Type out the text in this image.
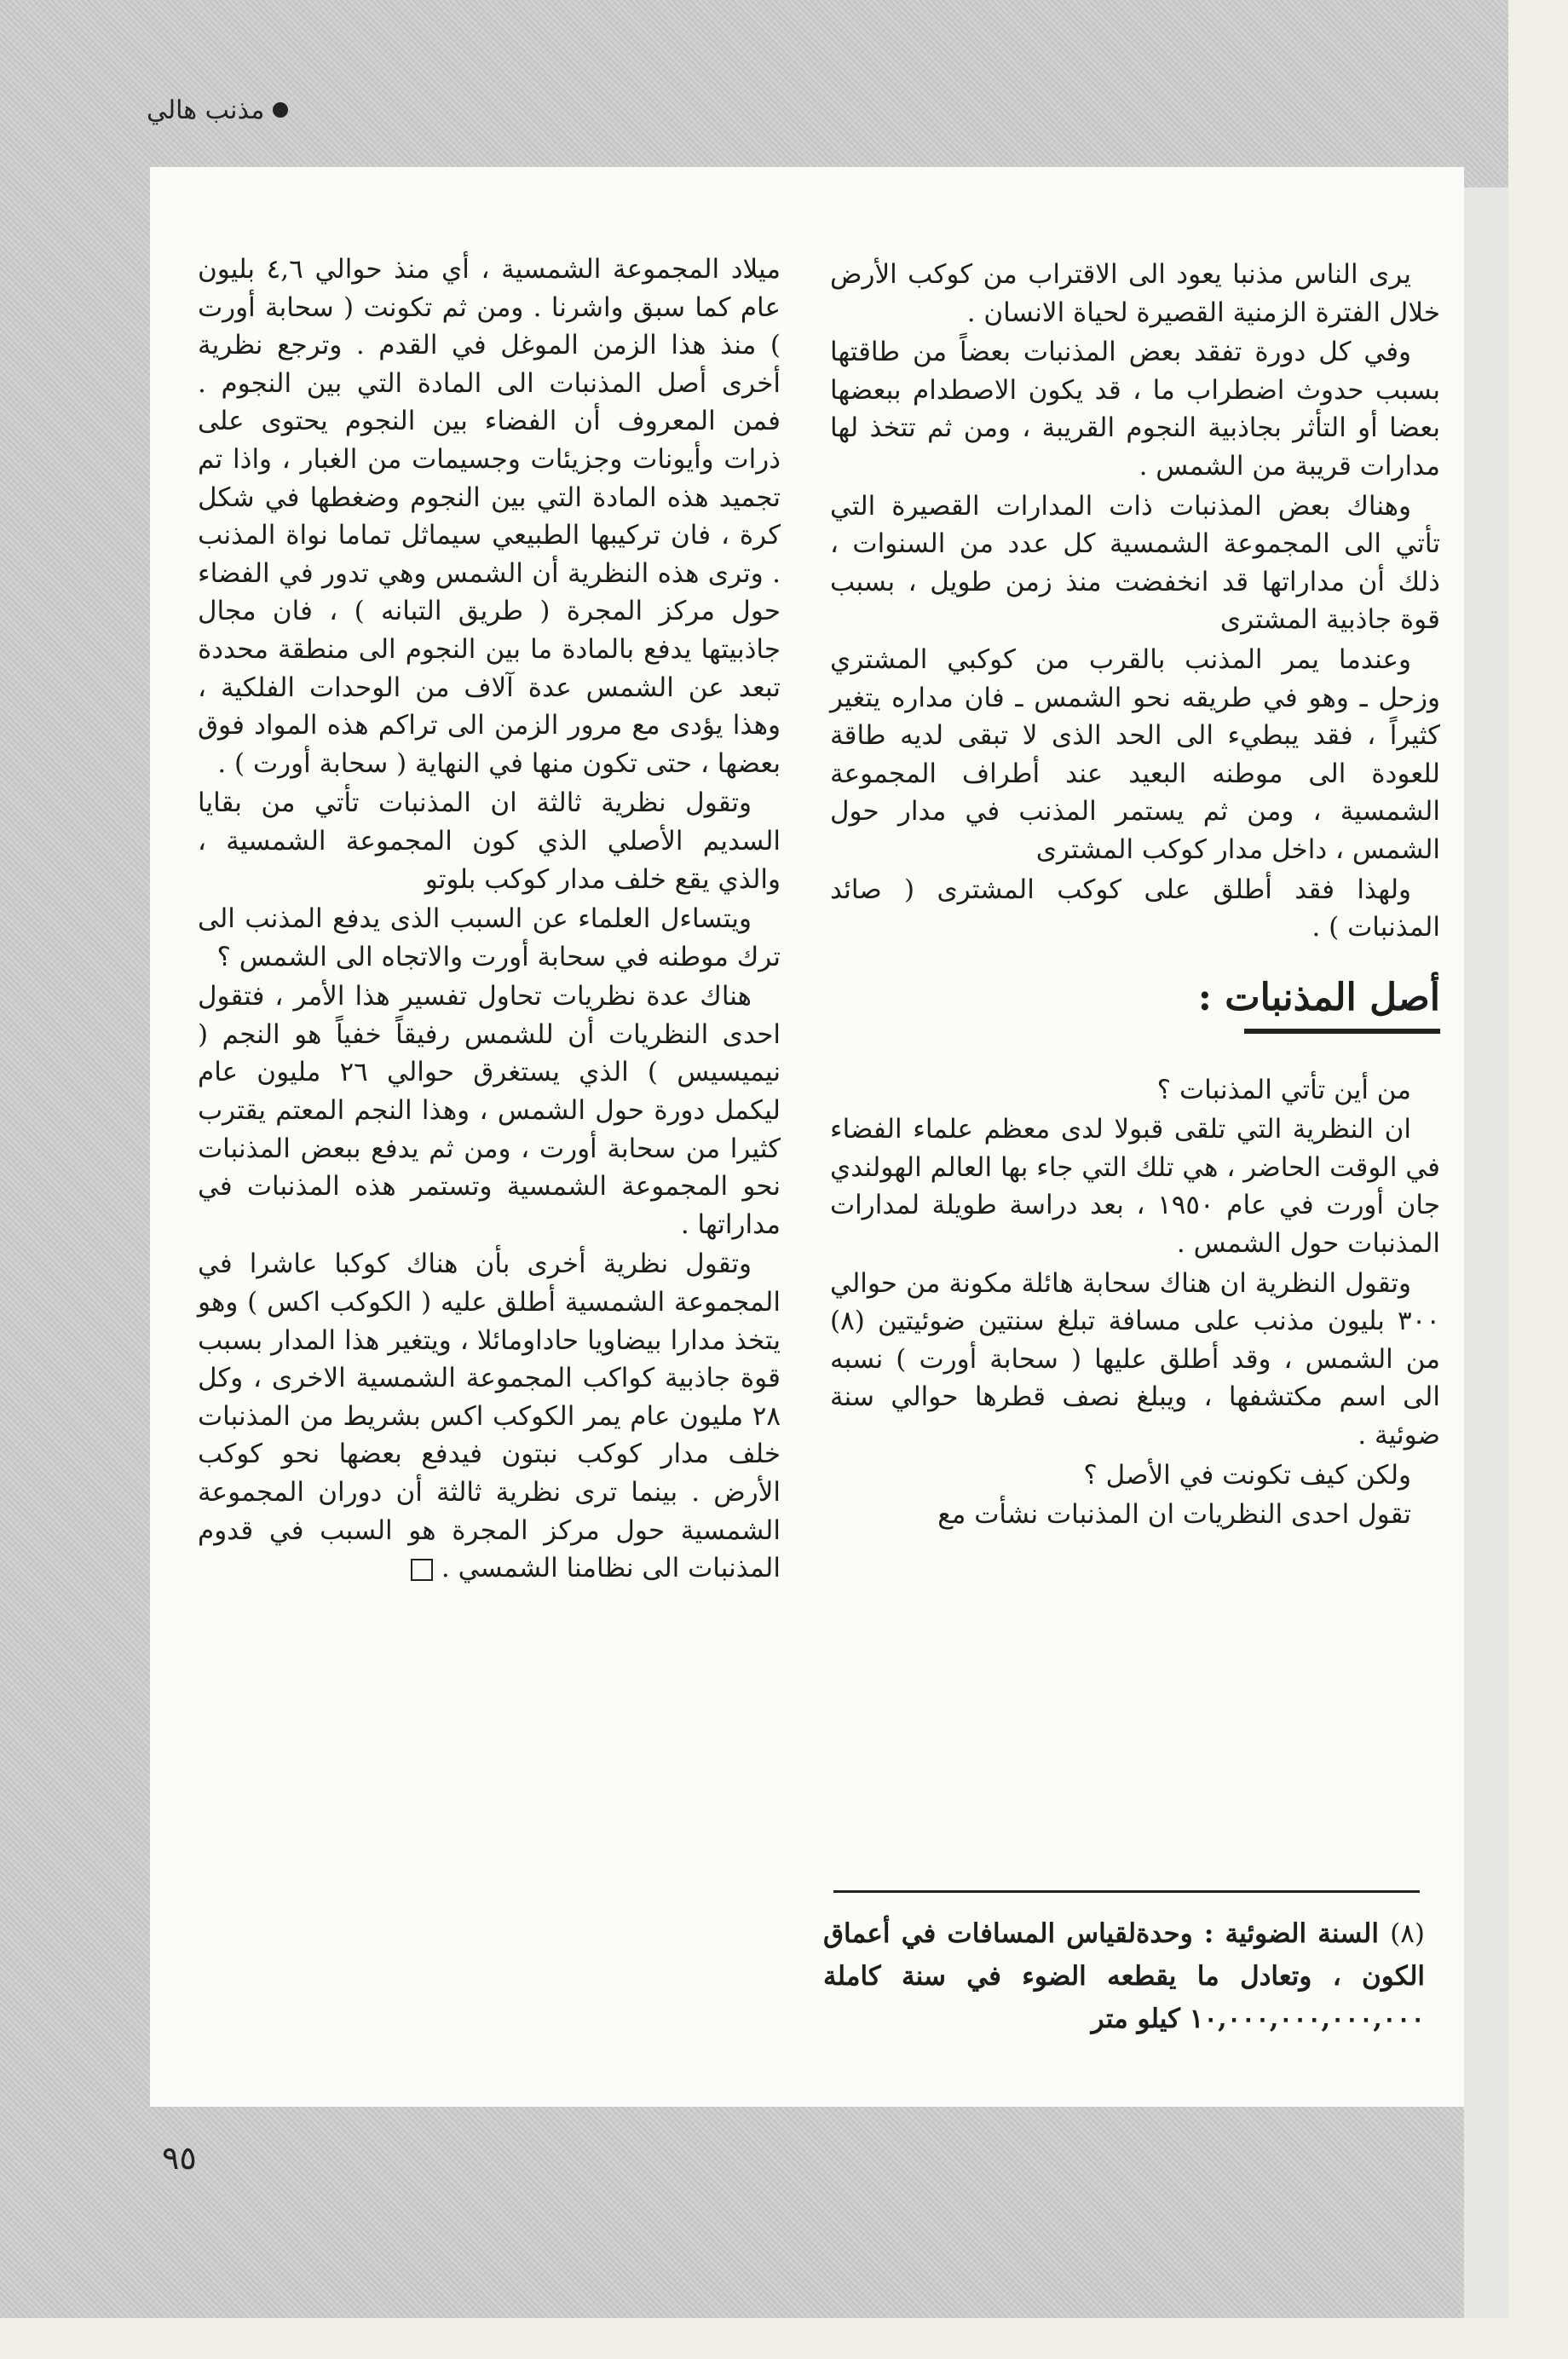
مذنب هالي

يرى الناس مذنبا يعود الى الاقتراب من كوكب الأرض خلال الفترة الزمنية القصيرة لحياة الانسان .

وفي كل دورة تفقد بعض المذنبات بعضاً من طاقتها بسبب حدوث اضطراب ما ، قد يكون الاصطدام ببعضها بعضا أو التأثر بجاذبية النجوم القريبة ، ومن ثم تتخذ لها مدارات قريبة من الشمس .

وهناك بعض المذنبات ذات المدارات القصيرة التي تأتي الى المجموعة الشمسية كل عدد من السنوات ، ذلك أن مداراتها قد انخفضت منذ زمن طويل ، بسبب قوة جاذبية المشترى

وعندما يمر المذنب بالقرب من كوكبي المشتري وزحل ـ وهو في طريقه نحو الشمس ـ فان مداره يتغير كثيراً ، فقد يبطيء الى الحد الذى لا تبقى لديه طاقة للعودة الى موطنه البعيد عند أطراف المجموعة الشمسية ، ومن ثم يستمر المذنب في مدار حول الشمس ، داخل مدار كوكب المشترى

ولهذا فقد أطلق على كوكب المشترى ( صائد المذنبات ) .

أصل المذنبات :

من أين تأتي المذنبات ؟

ان النظرية التي تلقى قبولا لدى معظم علماء الفضاء في الوقت الحاضر ، هي تلك التي جاء بها العالم الهولندي جان أورت في عام ١٩٥٠ ، بعد دراسة طويلة لمدارات المذنبات حول الشمس .

وتقول النظرية ان هناك سحابة هائلة مكونة من حوالي ٣٠٠ بليون مذنب على مسافة تبلغ سنتين ضوئيتين (٨) من الشمس ، وقد أطلق عليها ( سحابة أورت ) نسبه الى اسم مكتشفها ، ويبلغ نصف قطرها حوالي سنة ضوئية .

ولكن كيف تكونت في الأصل ؟

تقول احدى النظريات ان المذنبات نشأت مع

ميلاد المجموعة الشمسية ، أي منذ حوالي ٤,٦ بليون عام كما سبق واشرنا . ومن ثم تكونت ( سحابة أورت ) منذ هذا الزمن الموغل في القدم . وترجع نظرية أخرى أصل المذنبات الى المادة التي بين النجوم . فمن المعروف أن الفضاء بين النجوم يحتوى على ذرات وأيونات وجزيئات وجسيمات من الغبار ، واذا تم تجميد هذه المادة التي بين النجوم وضغطها في شكل كرة ، فان تركيبها الطبيعي سيماثل تماما نواة المذنب . وترى هذه النظرية أن الشمس وهي تدور في الفضاء حول مركز المجرة ( طريق التبانه ) ، فان مجال جاذبيتها يدفع بالمادة ما بين النجوم الى منطقة محددة تبعد عن الشمس عدة آلاف من الوحدات الفلكية ، وهذا يؤدى مع مرور الزمن الى تراكم هذه المواد فوق بعضها ، حتى تكون منها في النهاية ( سحابة أورت ) .

وتقول نظرية ثالثة ان المذنبات تأتي من بقايا السديم الأصلي الذي كون المجموعة الشمسية ، والذي يقع خلف مدار كوكب بلوتو

ويتساءل العلماء عن السبب الذى يدفع المذنب الى ترك موطنه في سحابة أورت والاتجاه الى الشمس ؟

هناك عدة نظريات تحاول تفسير هذا الأمر ، فتقول احدى النظريات أن للشمس رفيقاً خفياً هو النجم ( نيميسيس ) الذي يستغرق حوالي ٢٦ مليون عام ليكمل دورة حول الشمس ، وهذا النجم المعتم يقترب كثيرا من سحابة أورت ، ومن ثم يدفع ببعض المذنبات نحو المجموعة الشمسية وتستمر هذه المذنبات في مداراتها .

وتقول نظرية أخرى بأن هناك كوكبا عاشرا في المجموعة الشمسية أطلق عليه ( الكوكب اكس ) وهو يتخذ مدارا بيضاويا حاداومائلا ، ويتغير هذا المدار بسبب قوة جاذبية كواكب المجموعة الشمسية الاخرى ، وكل ٢٨ مليون عام يمر الكوكب اكس بشريط من المذنبات خلف مدار كوكب نبتون فيدفع بعضها نحو كوكب الأرض . بينما ترى نظرية ثالثة أن دوران المجموعة الشمسية حول مركز المجرة هو السبب في قدوم المذنبات الى نظامنا الشمسي .

(٨) السنة الضوئية : وحدةلقياس المسافات في أعماق الكون ، وتعادل ما يقطعه الضوء في سنة كاملة ١٠,٠٠٠,٠٠٠,٠٠٠,٠٠٠ كيلو متر
٩٥
